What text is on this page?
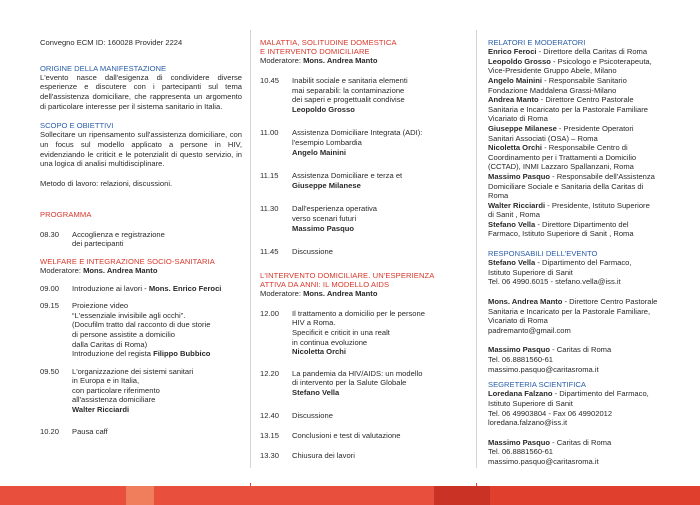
Convegno ECM ID: 160028 Provider 2224
ORIGINE DELLA MANIFESTAZIONE
L'evento nasce dall'esigenza di condividere diverse esperienze e discutere con i partecipanti sul tema dell'assistenza domiciliare, che rappresenta un argomento di particolare interesse per il sistema sanitario in Italia.
SCOPO E OBIETTIVI
Sollecitare un ripensamento sull'assistenza domiciliare, con un focus sul modello applicato a persone in HIV, evidenziando le criticit e le potenzialit di questo servizio, in una logica di analisi multidisciplinare.
Metodo di lavoro: relazioni, discussioni.
PROGRAMMA
08.30 Accoglienza e registrazione
dei partecipanti
WELFARE E INTEGRAZIONE SOCIO-SANITARIA
Moderatore: Mons. Andrea Manto
09.00 Introduzione ai lavori - Mons. Enrico Feroci
09.15 Proiezione video
“L'essenziale invisibile agli occhi”.
(Docufilm tratto dal racconto di due storie
di persone assistite a domicilio
dalla Caritas di Roma)
Introduzione del regista Filippo Bubbico
09.50 L'organizzazione dei sistemi sanitari
in Europa e in Italia,
con particolare riferimento
all'assistenza domiciliare
Walter Ricciardi
10.20 Pausa caff
MALATTIA, SOLITUDINE DOMESTICA
E INTERVENTO DOMICILIARE
Moderatore: Mons. Andrea Manto
10.45 Inabilit sociale e sanitaria elementi
mai separabili: la contaminazione
dei saperi e progettualit condivise
Leopoldo Grosso
11.00 Assistenza Domiciliare Integrata (ADI):
l'esempio Lombardia
Angelo Mainini
11.15 Assistenza Domiciliare e terza et
Giuseppe Milanese
11.30 Dall'esperienza operativa
verso scenari futuri
Massimo Pasquo
11.45 Discussione
L'INTERVENTO DOMICILIARE. UN'ESPERIENZA
ATTIVA DA ANNI: IL MODELLO AIDS
Moderatore: Mons. Andrea Manto
12.00 Il trattamento a domicilio per le persone
HIV a Roma.
Specificit e criticit in una realt
in continua evoluzione
Nicoletta Orchi
12.20 La pandemia da HIV/AIDS: un modello
di intervento per la Salute Globale
Stefano Vella
12.40 Discussione
13.15 Conclusioni e test di valutazione
13.30 Chiusura dei lavori
RELATORI E MODERATORI
Enrico Feroci - Direttore della Caritas di Roma
Leopoldo Grosso - Psicologo e Psicoterapeuta,
Vice-Presidente Gruppo Abele, Milano
Angelo Mainini - Responsabile Sanitario
Fondazione Maddalena Grassi-Milano
Andrea Manto - Direttore Centro Pastorale
Sanitaria e Incaricato per la Pastorale Familiare
Vicariato di Roma
Giuseppe Milanese - Presidente Operatori
Sanitari Associati (OSA) – Roma
Nicoletta Orchi - Responsabile Centro di
Coordinamento per i Trattamenti a Domicilio
(CCTAD), INMI Lazzaro Spallanzani, Roma
Massimo Pasquo - Responsabile dell'Assistenza
Domiciliare Sociale e Sanitaria della Caritas di
Roma
Walter Ricciardi - Presidente, Istituto Superiore
di Sanit , Roma
Stefano Vella - Direttore Dipartimento del
Farmaco, Istituto Superiore di Sanit , Roma
RESPONSABILI DELL'EVENTO
Stefano Vella - Dipartimento del Farmaco,
Istituto Superiore di Sanit
Tel. 06 4990.6015 - stefano.vella@iss.it
Mons. Andrea Manto - Direttore Centro Pastorale
Sanitaria e Incaricato per la Pastorale Familiare,
Vicariato di Roma
padremanto@gmail.com
Massimo Pasquo - Caritas di Roma
Tel. 06.8881560-61
massimo.pasquo@caritasroma.it
SEGRETERIA SCIENTIFICA
Loredana Falzano - Dipartimento del Farmaco,
Istituto Superiore di Sanit
Tel. 06 49903804 - Fax 06 49902012
loredana.falzano@iss.it
Massimo Pasquo - Caritas di Roma
Tel. 06.8881560-61
massimo.pasquo@caritasroma.it
